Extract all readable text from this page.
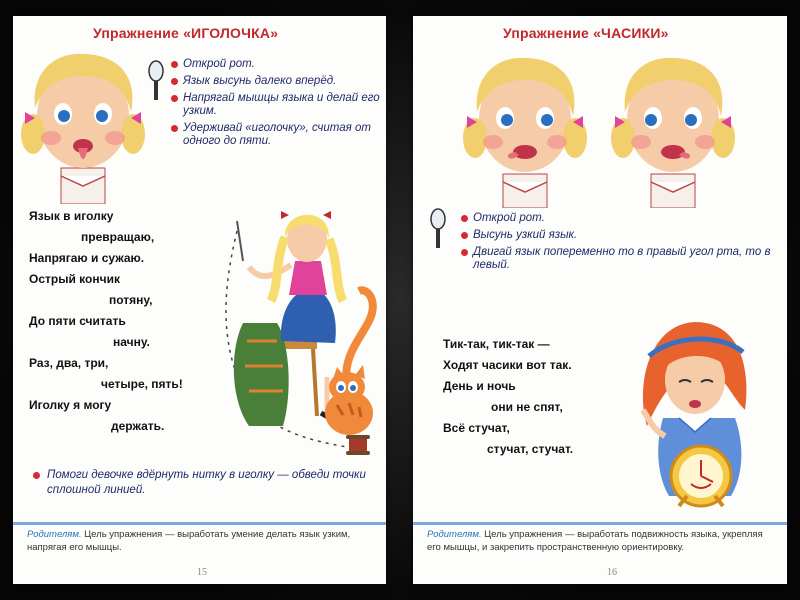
Упражнение «ИГОЛОЧКА»
Открой рот.
Язык высунь далеко вперёд.
Напрягай мышцы языка и делай его узким.
Удерживай «иголочку», считая от одного до пяти.
Язык в иголку
превращаю,
Напрягаю и сужаю.
Острый кончик
потяну,
До пяти считать
начну.
Раз, два, три,
четыре, пять!
Иголку я могу
держать.
Помоги девочке вдёрнуть нитку в иголку — обведи точки сплошной линией.
Родителям. Цель упражнения — выработать умение делать язык узким, напрягая его мышцы.
15
Упражнение «ЧАСИКИ»
Открой рот.
Высунь узкий язык.
Двигай язык попеременно то в правый угол рта, то в левый.
Тик-так, тик-так —
Ходят часики вот так.
День и ночь
они не спят,
Всё стучат,
стучат, стучат.
Родителям. Цель упражнения — выработать подвижность языка, укрепляя его мышцы, и закрепить пространственную ориентировку.
16
